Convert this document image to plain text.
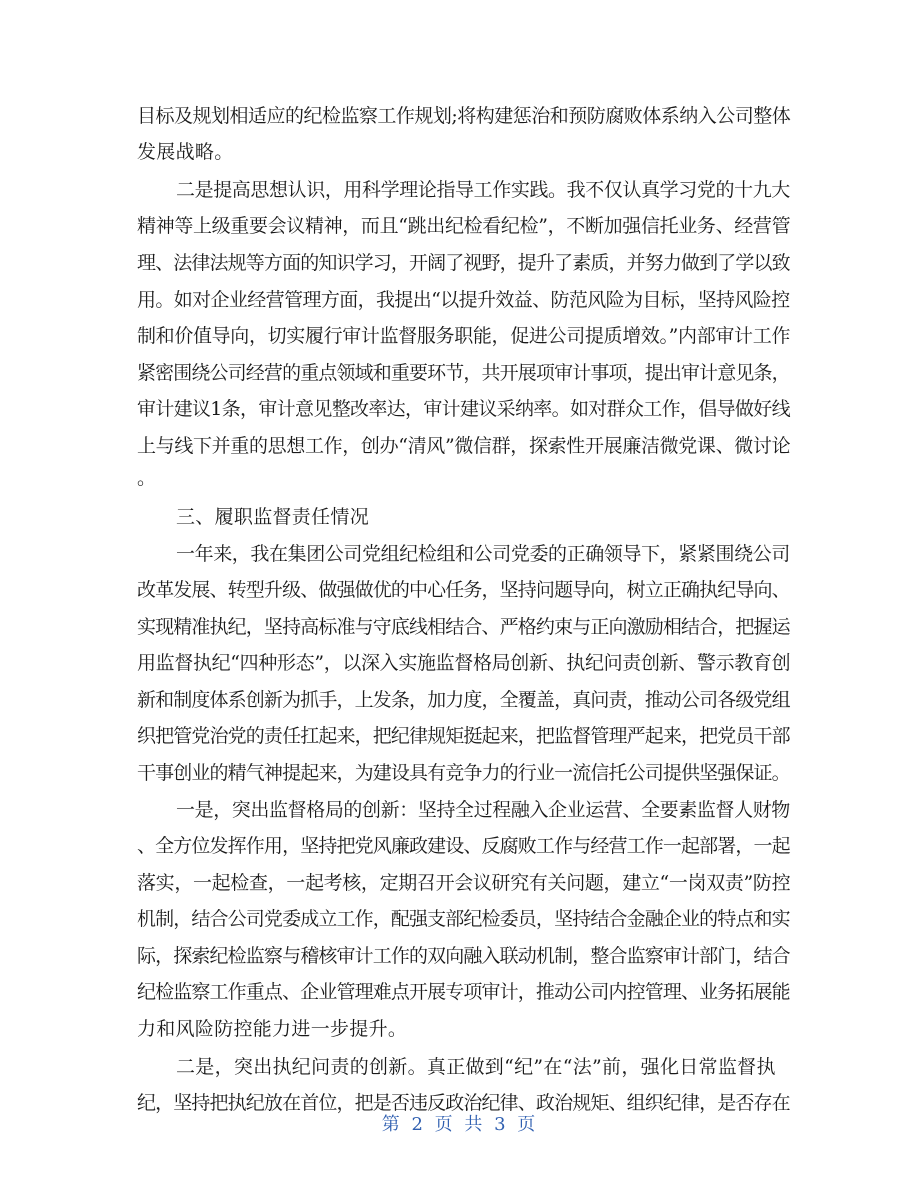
目标及规划相适应的纪检监察工作规划;将构建惩治和预防腐败体系纳入公司整体
发展战略。
二是提高思想认识，用科学理论指导工作实践。我不仅认真学习党的十九大
精神等上级重要会议精神，而且“跳出纪检看纪检”，不断加强信托业务、经营管
理、法律法规等方面的知识学习，开阔了视野，提升了素质，并努力做到了学以致
用。如对企业经营管理方面，我提出“以提升效益、防范风险为目标，坚持风险控
制和价值导向，切实履行审计监督服务职能，促进公司提质增效。”内部审计工作
紧密围绕公司经营的重点领域和重要环节，共开展项审计事项，提出审计意见条，
审计建议1条，审计意见整改率达，审计建议采纳率。如对群众工作，倡导做好线
上与线下并重的思想工作，创办“清风”微信群，探索性开展廉洁微党课、微讨论
。
三、履职监督责任情况
一年来，我在集团公司党组纪检组和公司党委的正确领导下，紧紧围绕公司
改革发展、转型升级、做强做优的中心任务，坚持问题导向，树立正确执纪导向、
实现精准执纪，坚持高标准与守底线相结合、严格约束与正向激励相结合，把握运
用监督执纪“四种形态”，以深入实施监督格局创新、执纪问责创新、警示教育创
新和制度体系创新为抓手，上发条，加力度，全覆盖，真问责，推动公司各级党组
织把管党治党的责任扛起来，把纪律规矩挺起来，把监督管理严起来，把党员干部
干事创业的精气神提起来，为建设具有竞争力的行业一流信托公司提供坚强保证。
一是，突出监督格局的创新：坚持全过程融入企业运营、全要素监督人财物
、全方位发挥作用，坚持把党风廉政建设、反腐败工作与经营工作一起部署，一起
落实，一起检查，一起考核，定期召开会议研究有关问题，建立“一岗双责”防控
机制，结合公司党委成立工作，配强支部纪检委员，坚持结合金融企业的特点和实
际，探索纪检监察与稽核审计工作的双向融入联动机制，整合监察审计部门，结合
纪检监察工作重点、企业管理难点开展专项审计，推动公司内控管理、业务拓展能
力和风险防控能力进一步提升。
二是，突出执纪问责的创新。真正做到“纪”在“法”前，强化日常监督执
纪，坚持把执纪放在首位，把是否违反政治纪律、政治规矩、组织纪律，是否存在
第 2 页 共 3 页
